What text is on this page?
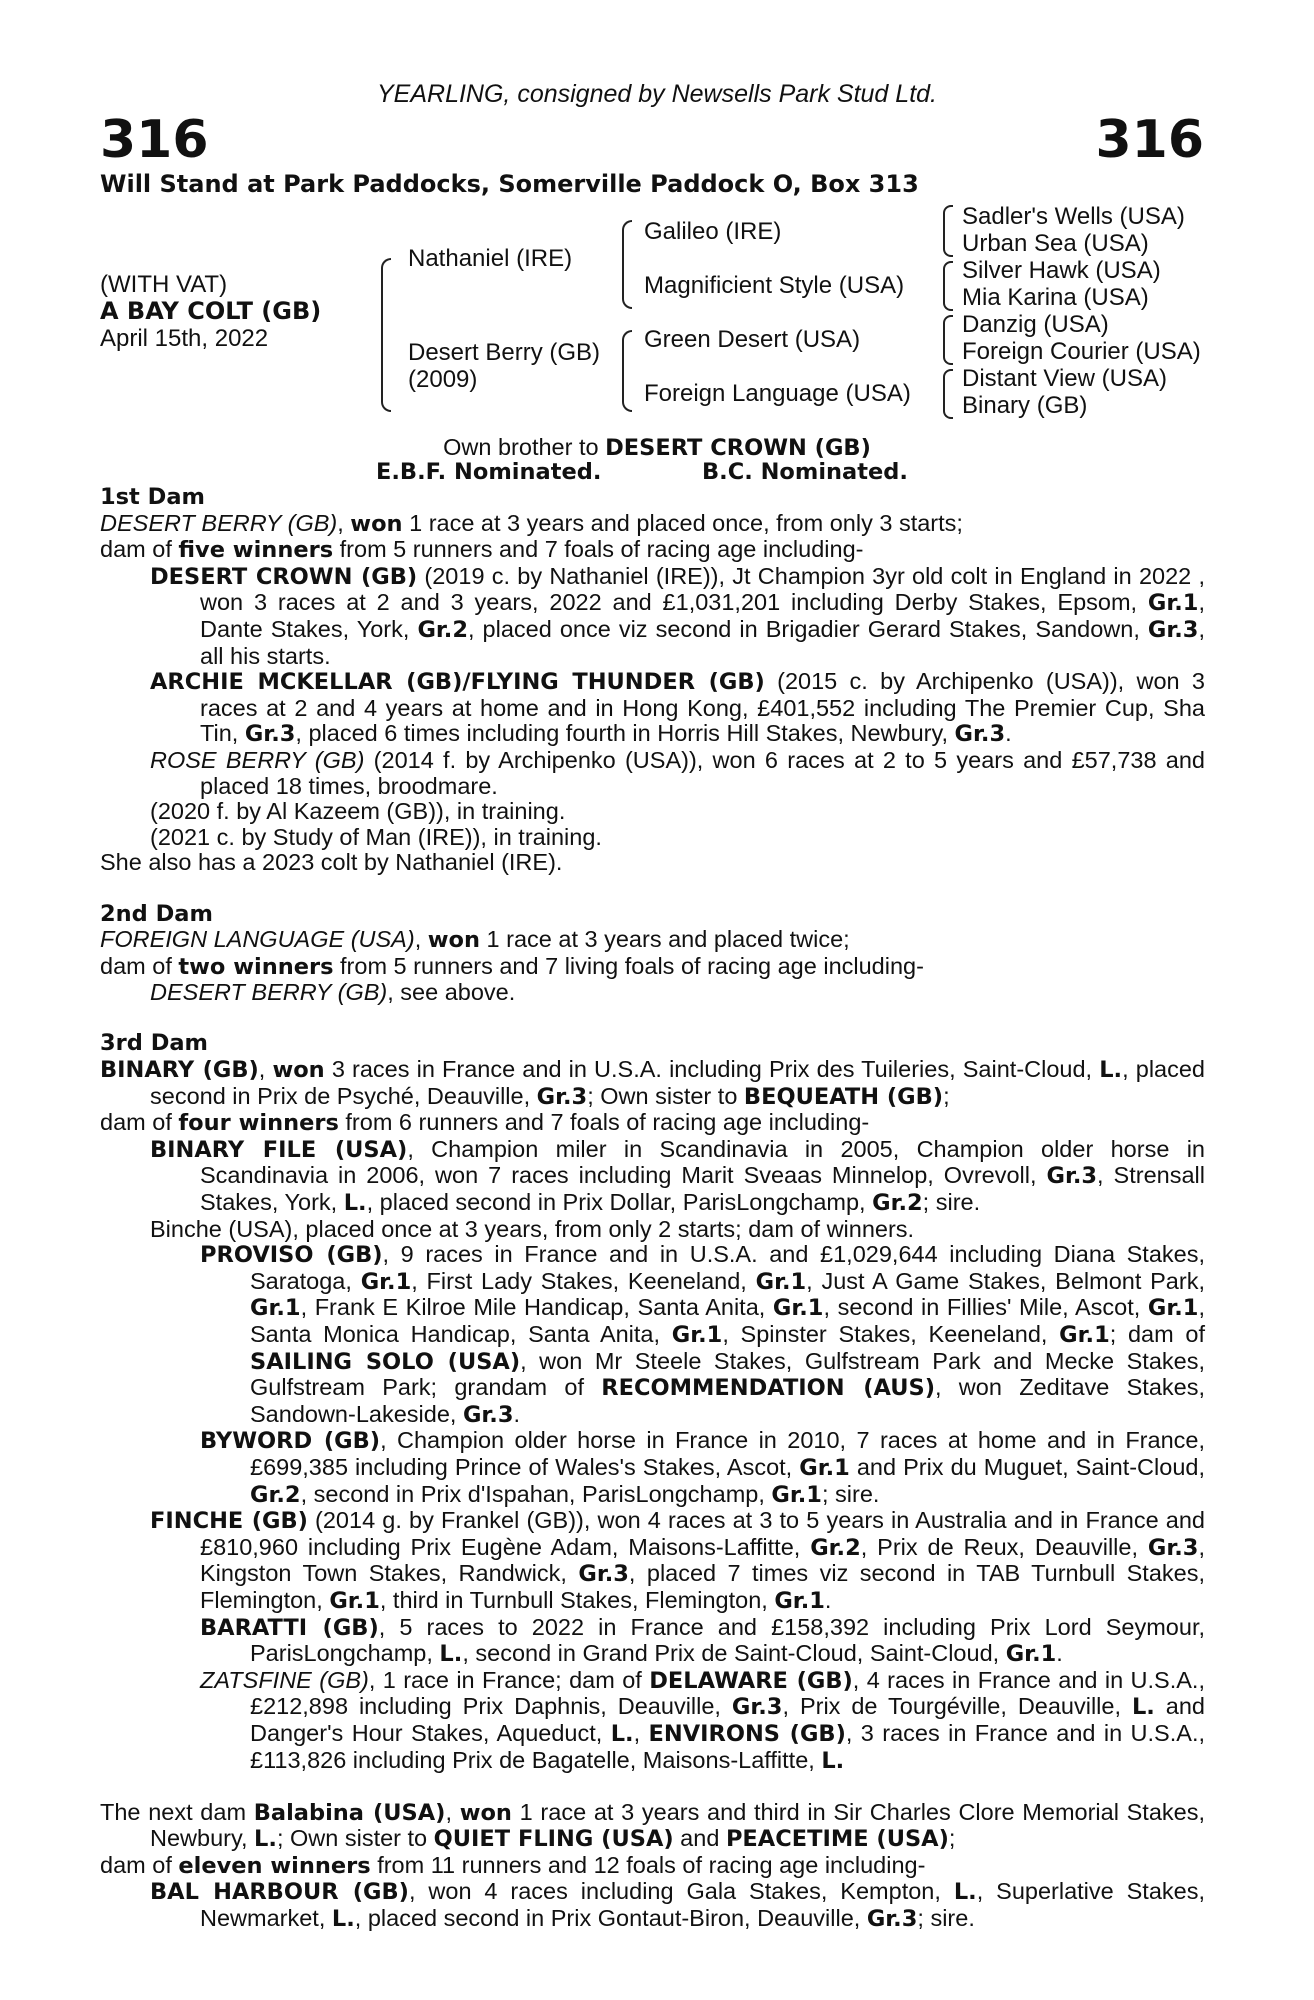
YEARLING, consigned by Newsells Park Stud Ltd.
316	316
Will Stand at Park Paddocks, Somerville Paddock O, Box 313
(WITH VAT)
A BAY COLT (GB)
April 15th, 2022
Nathaniel (IRE)
Desert Berry (GB)
(2009)
Galileo (IRE)
Magnificient Style (USA)
Green Desert (USA)
Foreign Language (USA)
Sadler's Wells (USA)
Urban Sea (USA)
Silver Hawk (USA)
Mia Karina (USA)
Danzig (USA)
Foreign Courier (USA)
Distant View (USA)
Binary (GB)
Own brother to DESERT CROWN (GB)
E.B.F. Nominated.	B.C. Nominated.

1st Dam

DESERT BERRY (GB), won 1 race at 3 years and placed once, from only 3 starts;

dam of five winners from 5 runners and 7 foals of racing age including-

DESERT CROWN (GB) (2019 c. by Nathaniel (IRE)), Jt Champion 3yr old colt in England in 2022 , won 3 races at 2 and 3 years, 2022 and £1,031,201 including Derby Stakes, Epsom, Gr.1, Dante Stakes, York, Gr.2, placed once viz second in Brigadier Gerard Stakes, Sandown, Gr.3, all his starts.

ARCHIE MCKELLAR (GB)/FLYING THUNDER (GB) (2015 c. by Archipenko (USA)), won 3 races at 2 and 4 years at home and in Hong Kong, £401,552 including The Premier Cup, Sha Tin, Gr.3, placed 6 times including fourth in Horris Hill Stakes, Newbury, Gr.3.

ROSE BERRY (GB) (2014 f. by Archipenko (USA)), won 6 races at 2 to 5 years and £57,738 and placed 18 times, broodmare.

(2020 f. by Al Kazeem (GB)), in training.

(2021 c. by Study of Man (IRE)), in training.

She also has a 2023 colt by Nathaniel (IRE).

2nd Dam

FOREIGN LANGUAGE (USA), won 1 race at 3 years and placed twice;

dam of two winners from 5 runners and 7 living foals of racing age including-

DESERT BERRY (GB), see above.

3rd Dam

BINARY (GB), won 3 races in France and in U.S.A. including Prix des Tuileries, Saint-Cloud, L., placed second in Prix de Psyché, Deauville, Gr.3; Own sister to BEQUEATH (GB);

dam of four winners from 6 runners and 7 foals of racing age including-

BINARY FILE (USA), Champion miler in Scandinavia in 2005, Champion older horse in Scandinavia in 2006, won 7 races including Marit Sveaas Minnelop, Ovrevoll, Gr.3, Strensall Stakes, York, L., placed second in Prix Dollar, ParisLongchamp, Gr.2; sire.

Binche (USA), placed once at 3 years, from only 2 starts; dam of winners.

PROVISO (GB), 9 races in France and in U.S.A. and £1,029,644 including Diana Stakes, Saratoga, Gr.1, First Lady Stakes, Keeneland, Gr.1, Just A Game Stakes, Belmont Park, Gr.1, Frank E Kilroe Mile Handicap, Santa Anita, Gr.1, second in Fillies' Mile, Ascot, Gr.1, Santa Monica Handicap, Santa Anita, Gr.1, Spinster Stakes, Keeneland, Gr.1; dam of SAILING SOLO (USA), won Mr Steele Stakes, Gulfstream Park and Mecke Stakes, Gulfstream Park; grandam of RECOMMENDATION (AUS), won Zeditave Stakes, Sandown-Lakeside, Gr.3.

BYWORD (GB), Champion older horse in France in 2010, 7 races at home and in France, £699,385 including Prince of Wales's Stakes, Ascot, Gr.1 and Prix du Muguet, Saint-Cloud, Gr.2, second in Prix d'Ispahan, ParisLongchamp, Gr.1; sire.

FINCHE (GB) (2014 g. by Frankel (GB)), won 4 races at 3 to 5 years in Australia and in France and £810,960 including Prix Eugène Adam, Maisons-Laffitte, Gr.2, Prix de Reux, Deauville, Gr.3, Kingston Town Stakes, Randwick, Gr.3, placed 7 times viz second in TAB Turnbull Stakes, Flemington, Gr.1, third in Turnbull Stakes, Flemington, Gr.1.

BARATTI (GB), 5 races to 2022 in France and £158,392 including Prix Lord Seymour, ParisLongchamp, L., second in Grand Prix de Saint-Cloud, Saint-Cloud, Gr.1.

ZATSFINE (GB), 1 race in France; dam of DELAWARE (GB), 4 races in France and in U.S.A., £212,898 including Prix Daphnis, Deauville, Gr.3, Prix de Tourgéville, Deauville, L. and Danger's Hour Stakes, Aqueduct, L., ENVIRONS (GB), 3 races in France and in U.S.A., £113,826 including Prix de Bagatelle, Maisons-Laffitte, L.

The next dam Balabina (USA), won 1 race at 3 years and third in Sir Charles Clore Memorial Stakes, Newbury, L.; Own sister to QUIET FLING (USA) and PEACETIME (USA);

dam of eleven winners from 11 runners and 12 foals of racing age including-

BAL HARBOUR (GB), won 4 races including Gala Stakes, Kempton, L., Superlative Stakes, Newmarket, L., placed second in Prix Gontaut-Biron, Deauville, Gr.3; sire.
